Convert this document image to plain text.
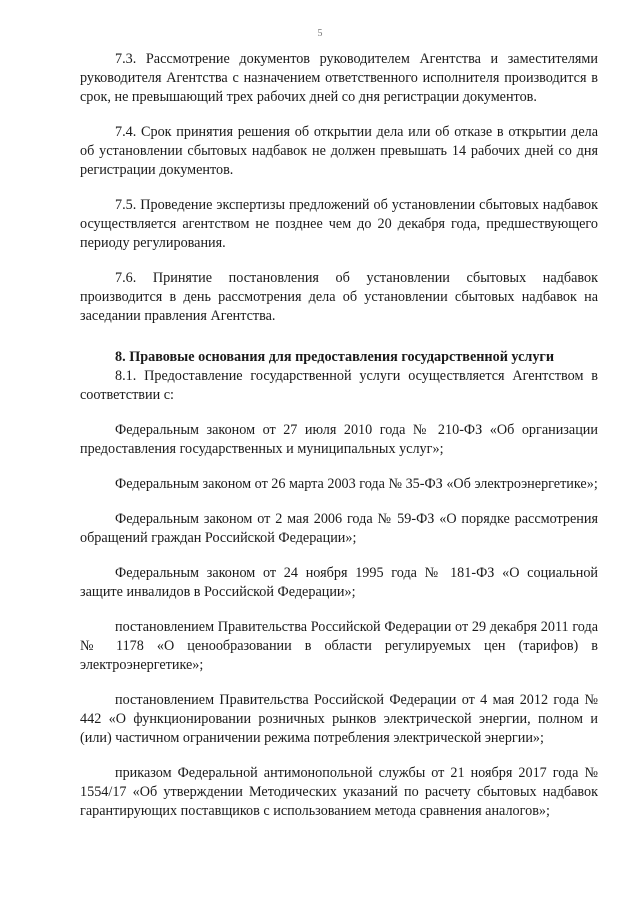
5

7.3. Рассмотрение документов руководителем Агентства и заместителями руководителя Агентства с назначением ответственного исполнителя производится в срок, не превышающий трех рабочих дней со дня регистрации документов.

7.4. Срок принятия решения об открытии дела или об отказе в открытии дела об установлении сбытовых надбавок не должен превышать 14 рабочих дней со дня регистрации документов.

7.5. Проведение экспертизы предложений об установлении сбытовых надбавок осуществляется агентством не позднее чем до 20 декабря года, предшествующего периоду регулирования.

7.6. Принятие постановления об установлении сбытовых надбавок производится в день рассмотрения дела об установлении сбытовых надбавок на заседании правления Агентства.

8. Правовые основания для предоставления государственной услуги

8.1. Предоставление государственной услуги осуществляется Агентством в соответствии с:

Федеральным законом от 27 июля 2010 года № 210-ФЗ «Об организации предоставления государственных и муниципальных услуг»;

Федеральным законом от 26 марта 2003 года № 35-ФЗ «Об электроэнергетике»;

Федеральным законом от 2 мая 2006 года № 59-ФЗ «О порядке рассмотрения обращений граждан Российской Федерации»;

Федеральным законом от 24 ноября 1995 года № 181-ФЗ «О социальной защите инвалидов в Российской Федерации»;

постановлением Правительства Российской Федерации от 29 декабря 2011 года № 1178 «О ценообразовании в области регулируемых цен (тарифов) в электроэнергетике»;

постановлением Правительства Российской Федерации от 4 мая 2012 года № 442 «О функционировании розничных рынков электрической энергии, полном и (или) частичном ограничении режима потребления электрической энергии»;

приказом Федеральной антимонопольной службы от 21 ноября 2017 года № 1554/17 «Об утверждении Методических указаний по расчету сбытовых надбавок гарантирующих поставщиков с использованием метода сравнения аналогов»;
